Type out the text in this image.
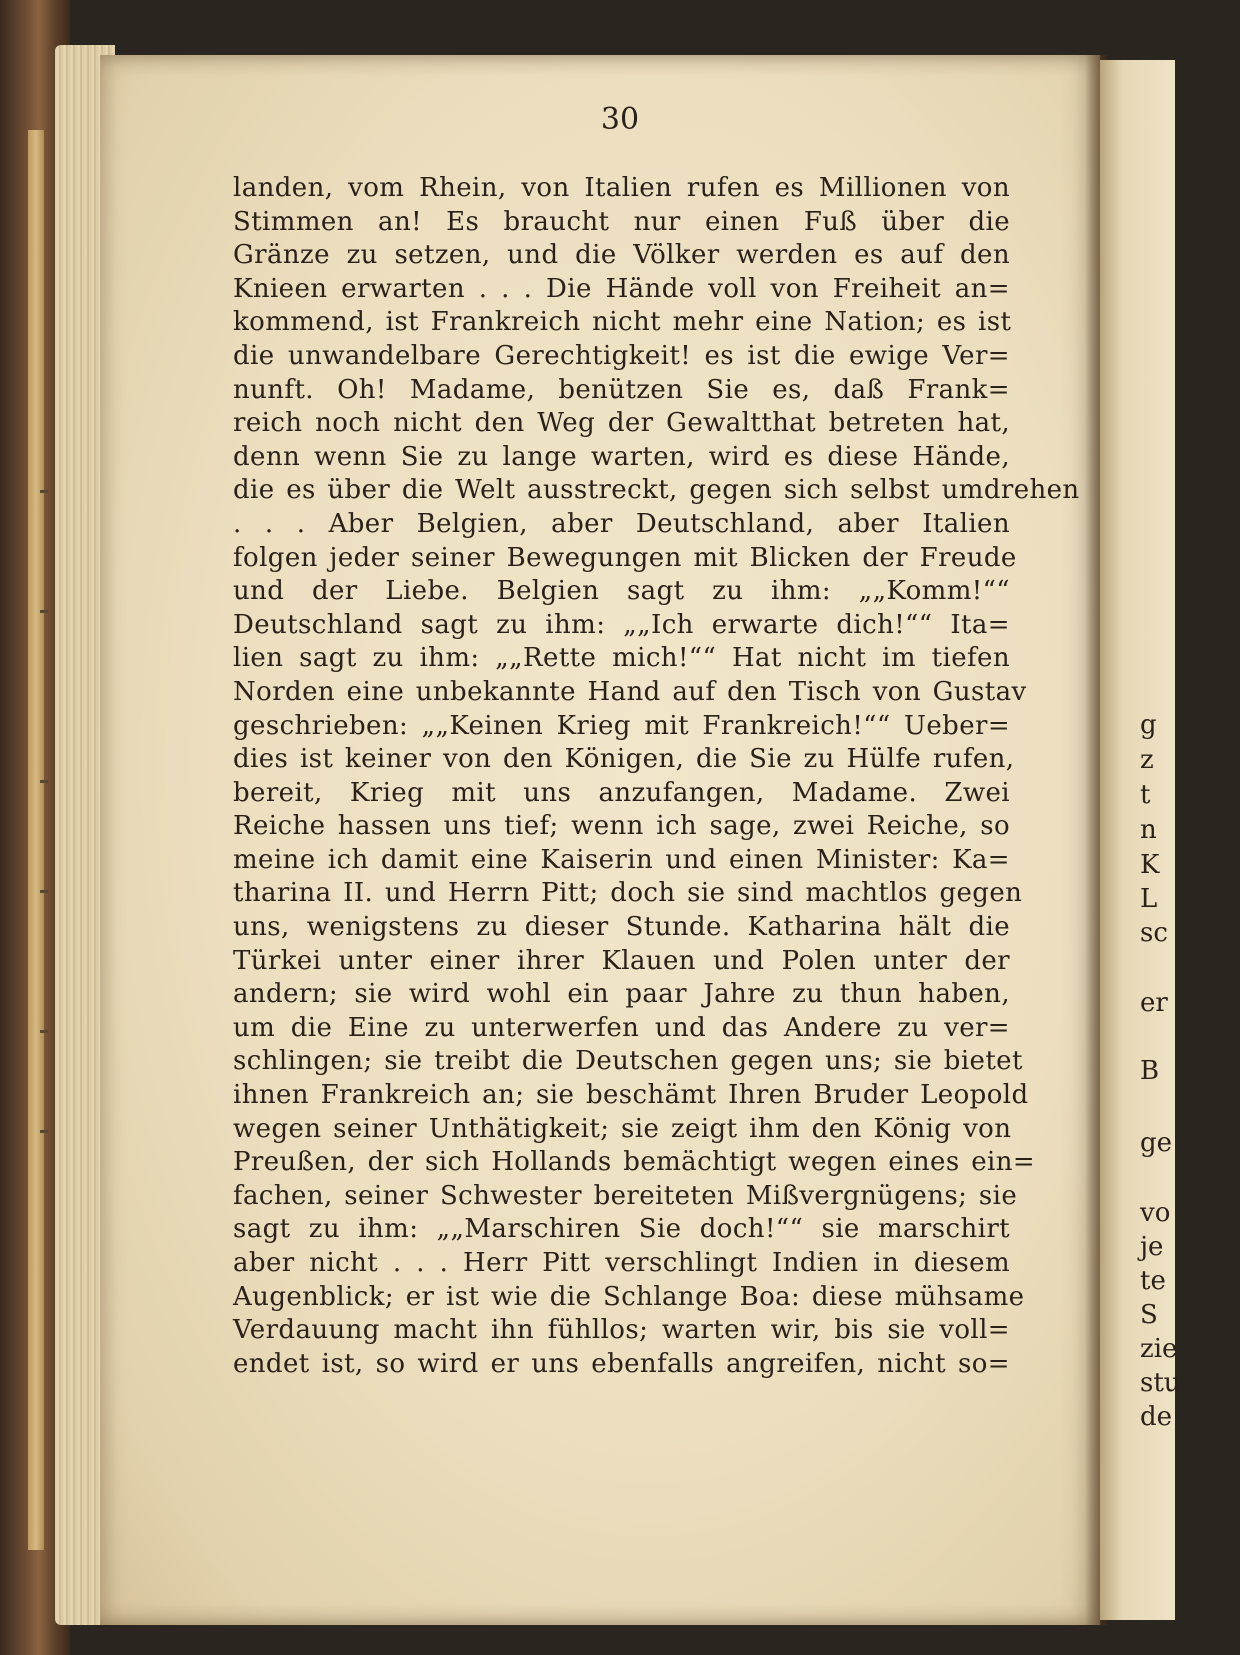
30
landen, vom Rhein, von Italien rufen es Millionen von
Stimmen an! Es braucht nur einen Fuß über die
Gränze zu setzen, und die Völker werden es auf den
Knieen erwarten . . . Die Hände voll von Freiheit an=
kommend, ist Frankreich nicht mehr eine Nation; es ist
die unwandelbare Gerechtigkeit! es ist die ewige Ver=
nunft. Oh! Madame, benützen Sie es, daß Frank=
reich noch nicht den Weg der Gewaltthat betreten hat,
denn wenn Sie zu lange warten, wird es diese Hände,
die es über die Welt ausstreckt, gegen sich selbst umdrehen
. . . Aber Belgien, aber Deutschland, aber Italien
folgen jeder seiner Bewegungen mit Blicken der Freude
und der Liebe. Belgien sagt zu ihm: „„Komm!““
Deutschland sagt zu ihm: „„Ich erwarte dich!““ Ita=
lien sagt zu ihm: „„Rette mich!““ Hat nicht im tiefen
Norden eine unbekannte Hand auf den Tisch von Gustav
geschrieben: „„Keinen Krieg mit Frankreich!““ Ueber=
dies ist keiner von den Königen, die Sie zu Hülfe rufen,
bereit, Krieg mit uns anzufangen, Madame. Zwei
Reiche hassen uns tief; wenn ich sage, zwei Reiche, so
meine ich damit eine Kaiserin und einen Minister: Ka=
tharina II. und Herrn Pitt; doch sie sind machtlos gegen
uns, wenigstens zu dieser Stunde. Katharina hält die
Türkei unter einer ihrer Klauen und Polen unter der
andern; sie wird wohl ein paar Jahre zu thun haben,
um die Eine zu unterwerfen und das Andere zu ver=
schlingen; sie treibt die Deutschen gegen uns; sie bietet
ihnen Frankreich an; sie beschämt Ihren Bruder Leopold
wegen seiner Unthätigkeit; sie zeigt ihm den König von
Preußen, der sich Hollands bemächtigt wegen eines ein=
fachen, seiner Schwester bereiteten Mißvergnügens; sie
sagt zu ihm: „„Marschiren Sie doch!““ sie marschirt
aber nicht . . . Herr Pitt verschlingt Indien in diesem
Augenblick; er ist wie die Schlange Boa: diese mühsame
Verdauung macht ihn fühllos; warten wir, bis sie voll=
endet ist, so wird er uns ebenfalls angreifen, nicht so=
g
z
t
n
K
L
sc
er
B
ge
vo
je
te
S
zie
stu
de
